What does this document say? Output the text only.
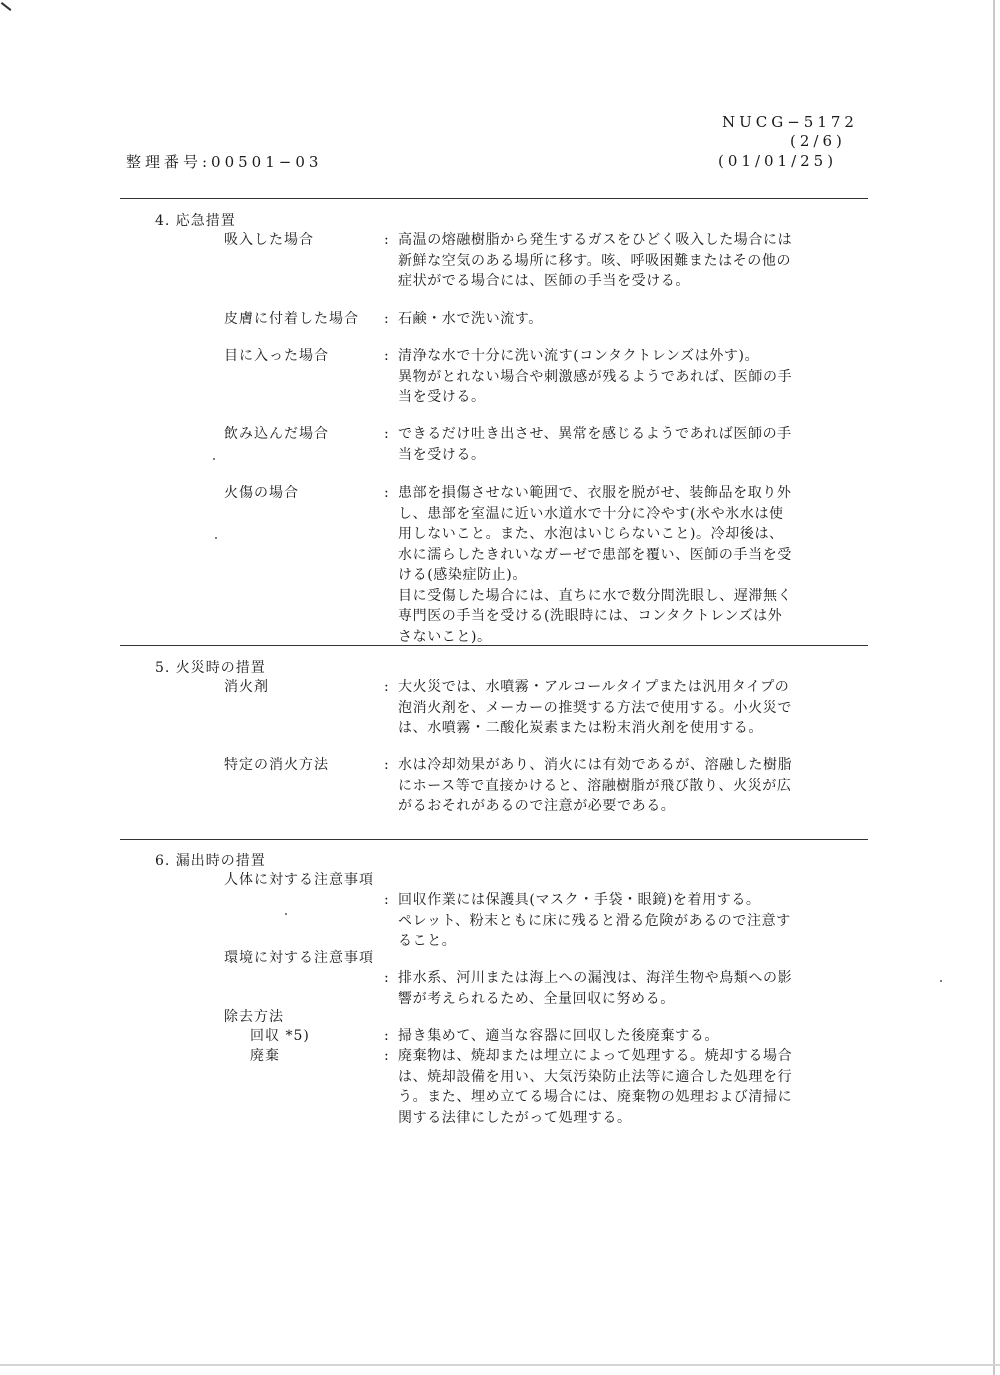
NUCG−5172
(2/6)
(01/01/25)
整理番号:00501−03
4. 応急措置
吸入した場合	: 高温の熔融樹脂から発生するガスをひどく吸入した場合には
新鮮な空気のある場所に移す。咳、呼吸困難またはその他の
症状がでる場合には、医師の手当を受ける。
皮膚に付着した場合 : 石鹸・水で洗い流す。
目に入った場合	: 清浄な水で十分に洗い流す(コンタクトレンズは外す)。
異物がとれない場合や刺激感が残るようであれば、医師の手
当を受ける。
飲み込んだ場合	: できるだけ吐き出させ、異常を感じるようであれば医師の手
当を受ける。
火傷の場合	: 患部を損傷させない範囲で、衣服を脱がせ、装飾品を取り外
し、患部を室温に近い水道水で十分に冷やす(氷や氷水は使
用しないこと。また、水泡はいじらないこと)。冷却後は、
水に濡らしたきれいなガーゼで患部を覆い、医師の手当を受
ける(感染症防止)。
目に受傷した場合には、直ちに水で数分間洗眼し、遅滞無く
専門医の手当を受ける(洗眼時には、コンタクトレンズは外
さないこと)。
5. 火災時の措置
消火剤	: 大火災では、水噴霧・アルコールタイプまたは汎用タイプの
泡消火剤を、メーカーの推奨する方法で使用する。小火災で
は、水噴霧・二酸化炭素または粉末消火剤を使用する。
特定の消火方法	: 水は冷却効果があり、消火には有効であるが、溶融した樹脂
にホース等で直接かけると、溶融樹脂が飛び散り、火災が広
がるおそれがあるので注意が必要である。
6. 漏出時の措置
人体に対する注意事項
: 回収作業には保護具(マスク・手袋・眼鏡)を着用する。
ペレット、粉末ともに床に残ると滑る危険があるので注意す
ること。
環境に対する注意事項
: 排水系、河川または海上への漏洩は、海洋生物や鳥類への影
響が考えられるため、全量回収に努める。
除去方法
回収 *5)	: 掃き集めて、適当な容器に回収した後廃棄する。
廃棄	: 廃棄物は、焼却または埋立によって処理する。焼却する場合
は、焼却設備を用い、大気汚染防止法等に適合した処理を行
う。また、埋め立てる場合には、廃棄物の処理および清掃に
関する法律にしたがって処理する。
